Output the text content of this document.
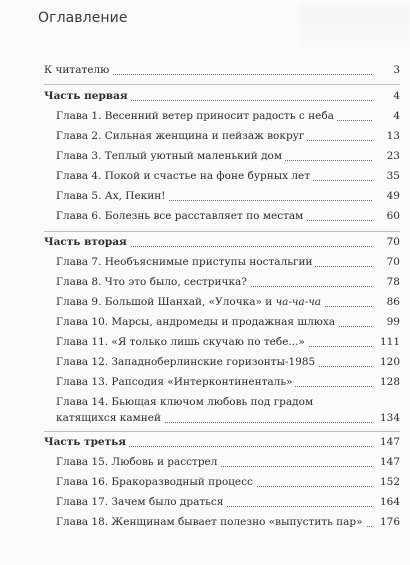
Оглавление
К читателю	3
Часть первая	4
Глава 1. Весенний ветер приносит радость с неба	4
Глава 2. Сильная женщина и пейзаж вокруг	13
Глава 3. Теплый уютный маленький дом	23
Глава 4. Покой и счастье на фоне бурных лет	35
Глава 5. Ах, Пекин!	49
Глава 6. Болезнь все расставляет по местам	60
Часть вторая	70
Глава 7. Необъяснимые приступы ностальгии	70
Глава 8. Что это было, сестричка?	78
Глава 9. Большой Шанхай, «Улочка» и ча-ча-ча	86
Глава 10. Марсы, андромеды и продажная шлюха	99
Глава 11. «Я только лишь скучаю по тебе...»	111
Глава 12. Западноберлинские горизонты-1985	120
Глава 13. Рапсодия «Интерконтиненталь»	128
Глава 14. Бьющая ключом любовь под градом
катящихся камней	134
Часть третья	147
Глава 15. Любовь и расстрел	147
Глава 16. Бракоразводный процесс	152
Глава 17. Зачем было драться	164
Глава 18. Женщинам бывает полезно «выпустить пар»	176
